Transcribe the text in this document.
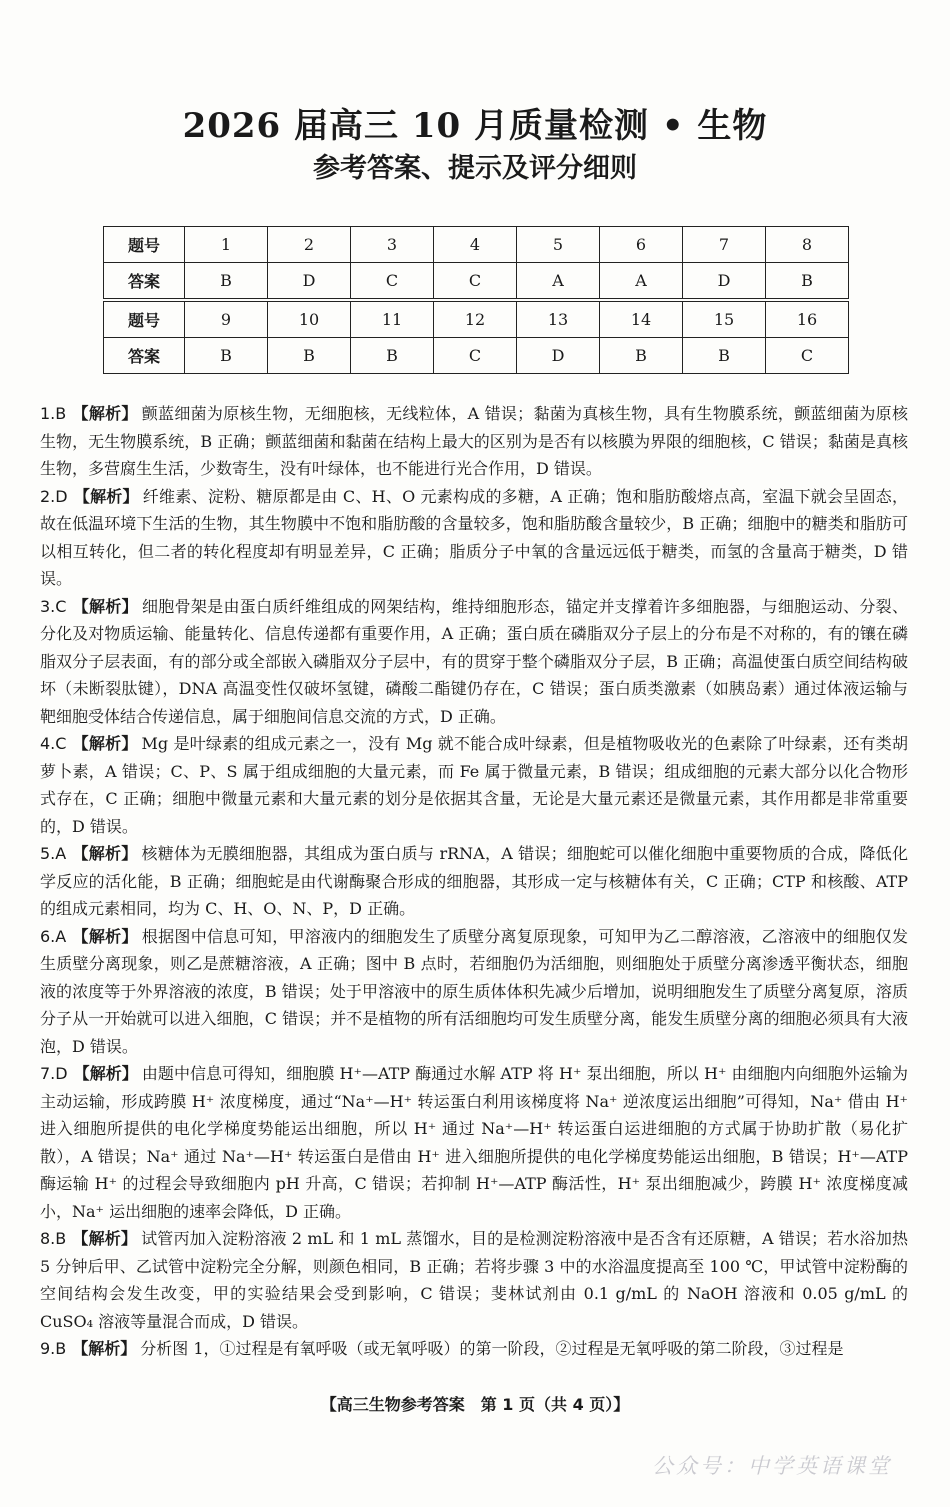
2026 届高三 10 月质量检测 • 生物
参考答案、提示及评分细则
题号	1	2	3	4	5	6	7	8
答案	B	D	C	C	A	A	D	B
题号	9	10	11	12	13	14	15	16
答案	B	B	B	C	D	B	B	C

1.B 【解析】 颤蓝细菌为原核生物，无细胞核，无线粒体，A 错误；黏菌为真核生物，具有生物膜系统，颤蓝细菌为原核生物，无生物膜系统，B 正确；颤蓝细菌和黏菌在结构上最大的区别为是否有以核膜为界限的细胞核，C 错误；黏菌是真核生物，多营腐生生活，少数寄生，没有叶绿体，也不能进行光合作用，D 错误。

2.D 【解析】 纤维素、淀粉、糖原都是由 C、H、O 元素构成的多糖，A 正确；饱和脂肪酸熔点高，室温下就会呈固态，故在低温环境下生活的生物，其生物膜中不饱和脂肪酸的含量较多，饱和脂肪酸含量较少，B 正确；细胞中的糖类和脂肪可以相互转化，但二者的转化程度却有明显差异，C 正确；脂质分子中氧的含量远远低于糖类，而氢的含量高于糖类，D 错误。

3.C 【解析】 细胞骨架是由蛋白质纤维组成的网架结构，维持细胞形态，锚定并支撑着许多细胞器，与细胞运动、分裂、分化及对物质运输、能量转化、信息传递都有重要作用，A 正确；蛋白质在磷脂双分子层上的分布是不对称的，有的镶在磷脂双分子层表面，有的部分或全部嵌入磷脂双分子层中，有的贯穿于整个磷脂双分子层，B 正确；高温使蛋白质空间结构破坏（未断裂肽键），DNA 高温变性仅破坏氢键，磷酸二酯键仍存在，C 错误；蛋白质类激素（如胰岛素）通过体液运输与靶细胞受体结合传递信息，属于细胞间信息交流的方式，D 正确。

4.C 【解析】 Mg 是叶绿素的组成元素之一，没有 Mg 就不能合成叶绿素，但是植物吸收光的色素除了叶绿素，还有类胡萝卜素，A 错误；C、P、S 属于组成细胞的大量元素，而 Fe 属于微量元素，B 错误；组成细胞的元素大部分以化合物形式存在，C 正确；细胞中微量元素和大量元素的划分是依据其含量，无论是大量元素还是微量元素，其作用都是非常重要的，D 错误。

5.A 【解析】 核糖体为无膜细胞器，其组成为蛋白质与 rRNA，A 错误；细胞蛇可以催化细胞中重要物质的合成，降低化学反应的活化能，B 正确；细胞蛇是由代谢酶聚合形成的细胞器，其形成一定与核糖体有关，C 正确；CTP 和核酸、ATP 的组成元素相同，均为 C、H、O、N、P，D 正确。

6.A 【解析】 根据图中信息可知，甲溶液内的细胞发生了质壁分离复原现象，可知甲为乙二醇溶液，乙溶液中的细胞仅发生质壁分离现象，则乙是蔗糖溶液，A 正确；图中 B 点时，若细胞仍为活细胞，则细胞处于质壁分离渗透平衡状态，细胞液的浓度等于外界溶液的浓度，B 错误；处于甲溶液中的原生质体体积先减少后增加，说明细胞发生了质壁分离复原，溶质分子从一开始就可以进入细胞，C 错误；并不是植物的所有活细胞均可发生质壁分离，能发生质壁分离的细胞必须具有大液泡，D 错误。

7.D 【解析】 由题中信息可得知，细胞膜 H⁺—ATP 酶通过水解 ATP 将 H⁺ 泵出细胞，所以 H⁺ 由细胞内向细胞外运输为主动运输，形成跨膜 H⁺ 浓度梯度，通过“Na⁺—H⁺ 转运蛋白利用该梯度将 Na⁺ 逆浓度运出细胞”可得知，Na⁺ 借由 H⁺ 进入细胞所提供的电化学梯度势能运出细胞，所以 H⁺ 通过 Na⁺—H⁺ 转运蛋白运进细胞的方式属于协助扩散（易化扩散），A 错误；Na⁺ 通过 Na⁺—H⁺ 转运蛋白是借由 H⁺ 进入细胞所提供的电化学梯度势能运出细胞，B 错误；H⁺—ATP 酶运输 H⁺ 的过程会导致细胞内 pH 升高，C 错误；若抑制 H⁺—ATP 酶活性，H⁺ 泵出细胞减少，跨膜 H⁺ 浓度梯度减小，Na⁺ 运出细胞的速率会降低，D 正确。

8.B 【解析】 试管丙加入淀粉溶液 2 mL 和 1 mL 蒸馏水，目的是检测淀粉溶液中是否含有还原糖，A 错误；若水浴加热 5 分钟后甲、乙试管中淀粉完全分解，则颜色相同，B 正确；若将步骤 3 中的水浴温度提高至 100 ℃，甲试管中淀粉酶的空间结构会发生改变，甲的实验结果会受到影响，C 错误；斐林试剂由 0.1 g/mL 的 NaOH 溶液和 0.05 g/mL 的 CuSO₄ 溶液等量混合而成，D 错误。

9.B 【解析】 分析图 1，①过程是有氧呼吸（或无氧呼吸）的第一阶段，②过程是无氧呼吸的第二阶段，③过程是

【高三生物参考答案　第 1 页（共 4 页）】
公众号：中学英语课堂
